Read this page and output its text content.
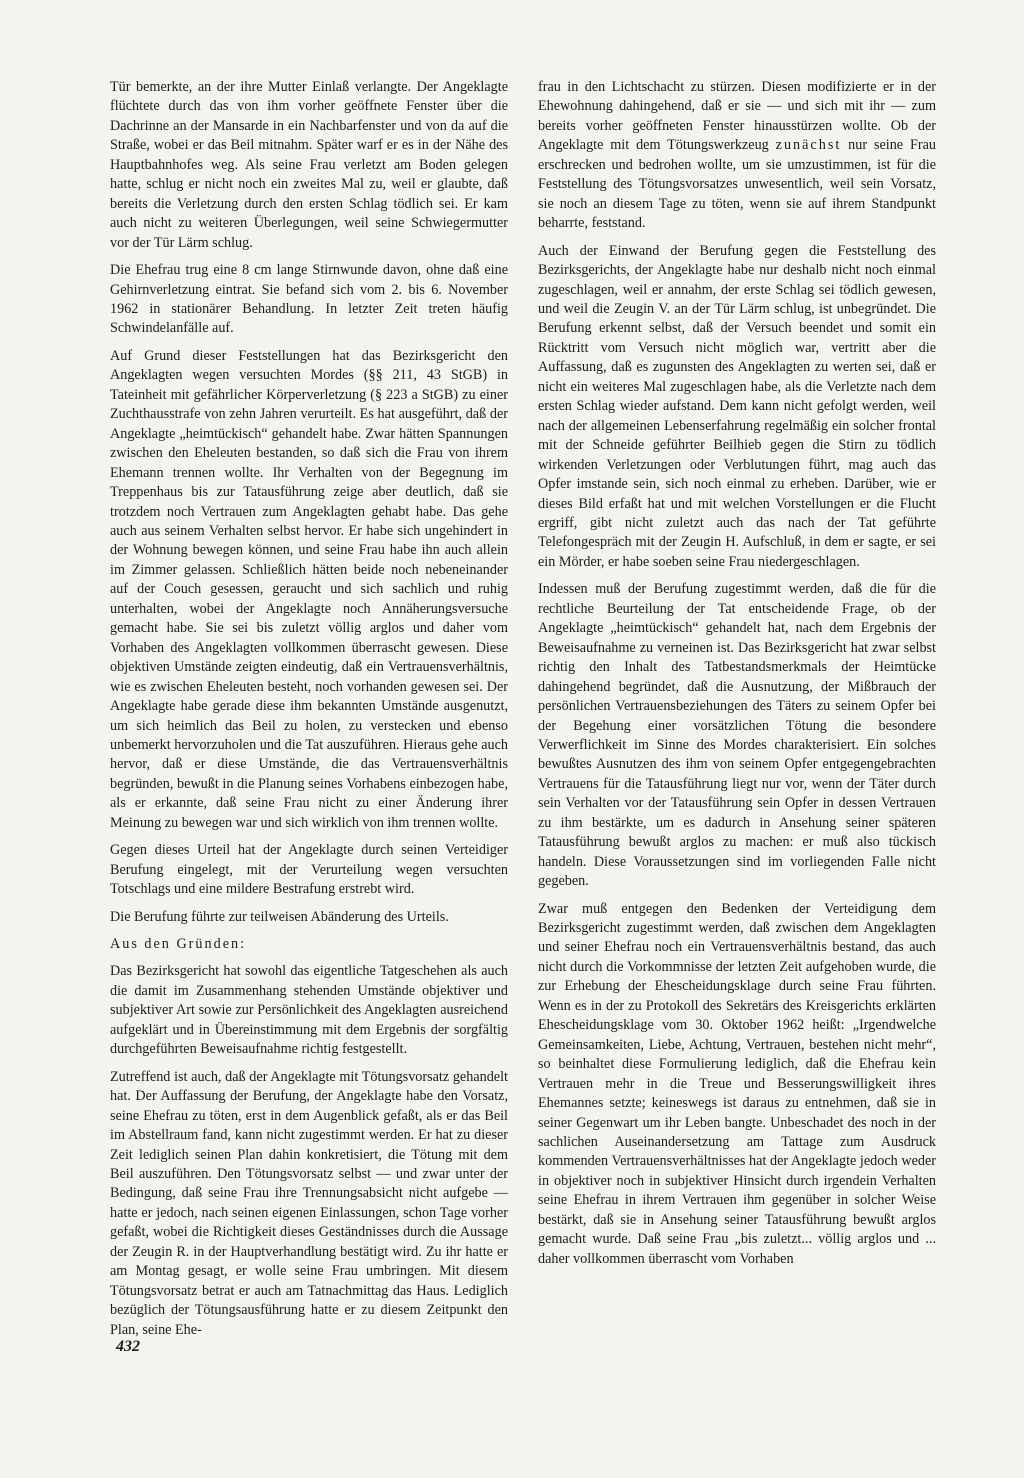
Tür bemerkte, an der ihre Mutter Einlaß verlangte. Der Angeklagte flüchtete durch das von ihm vorher geöffnete Fenster über die Dachrinne an der Mansarde in ein Nachbarfenster und von da auf die Straße, wobei er das Beil mitnahm. Später warf er es in der Nähe des Hauptbahnhofes weg. Als seine Frau verletzt am Boden gelegen hatte, schlug er nicht noch ein zweites Mal zu, weil er glaubte, daß bereits die Verletzung durch den ersten Schlag tödlich sei. Er kam auch nicht zu weiteren Überlegungen, weil seine Schwiegermutter vor der Tür Lärm schlug.

Die Ehefrau trug eine 8 cm lange Stirnwunde davon, ohne daß eine Gehirnverletzung eintrat. Sie befand sich vom 2. bis 6. November 1962 in stationärer Behandlung. In letzter Zeit treten häufig Schwindelanfälle auf.

Auf Grund dieser Feststellungen hat das Bezirksgericht den Angeklagten wegen versuchten Mordes (§§ 211, 43 StGB) in Tateinheit mit gefährlicher Körperverletzung (§ 223 a StGB) zu einer Zuchthausstrafe von zehn Jahren verurteilt. Es hat ausgeführt, daß der Angeklagte „heimtückisch“ gehandelt habe. Zwar hätten Spannungen zwischen den Eheleuten bestanden, so daß sich die Frau von ihrem Ehemann trennen wollte. Ihr Verhalten von der Begegnung im Treppenhaus bis zur Tatausführung zeige aber deutlich, daß sie trotzdem noch Vertrauen zum Angeklagten gehabt habe. Das gehe auch aus seinem Verhalten selbst hervor. Er habe sich ungehindert in der Wohnung bewegen können, und seine Frau habe ihn auch allein im Zimmer gelassen. Schließlich hätten beide noch nebeneinander auf der Couch gesessen, geraucht und sich sachlich und ruhig unterhalten, wobei der Angeklagte noch Annäherungsversuche gemacht habe. Sie sei bis zuletzt völlig arglos und daher vom Vorhaben des Angeklagten vollkommen überrascht gewesen. Diese objektiven Umstände zeigten eindeutig, daß ein Vertrauensverhältnis, wie es zwischen Eheleuten besteht, noch vorhanden gewesen sei. Der Angeklagte habe gerade diese ihm bekannten Umstände ausgenutzt, um sich heimlich das Beil zu holen, zu verstecken und ebenso unbemerkt hervorzuholen und die Tat auszuführen. Hieraus gehe auch hervor, daß er diese Umstände, die das Vertrauensverhältnis begründen, bewußt in die Planung seines Vorhabens einbezogen habe, als er erkannte, daß seine Frau nicht zu einer Änderung ihrer Meinung zu bewegen war und sich wirklich von ihm trennen wollte.

Gegen dieses Urteil hat der Angeklagte durch seinen Verteidiger Berufung eingelegt, mit der Verurteilung wegen versuchten Totschlags und eine mildere Bestrafung erstrebt wird.

Die Berufung führte zur teilweisen Abänderung des Urteils.

Aus den Gründen:

Das Bezirksgericht hat sowohl das eigentliche Tatgeschehen als auch die damit im Zusammenhang stehenden Umstände objektiver und subjektiver Art sowie zur Persönlichkeit des Angeklagten ausreichend aufgeklärt und in Übereinstimmung mit dem Ergebnis der sorgfältig durchgeführten Beweisaufnahme richtig festgestellt.

Zutreffend ist auch, daß der Angeklagte mit Tötungsvorsatz gehandelt hat. Der Auffassung der Berufung, der Angeklagte habe den Vorsatz, seine Ehefrau zu töten, erst in dem Augenblick gefaßt, als er das Beil im Abstellraum fand, kann nicht zugestimmt werden. Er hat zu dieser Zeit lediglich seinen Plan dahin konkretisiert, die Tötung mit dem Beil auszuführen. Den Tötungsvorsatz selbst — und zwar unter der Bedingung, daß seine Frau ihre Trennungsabsicht nicht aufgebe — hatte er jedoch, nach seinen eigenen Einlassungen, schon Tage vorher gefaßt, wobei die Richtigkeit dieses Geständnisses durch die Aussage der Zeugin R. in der Hauptverhandlung bestätigt wird. Zu ihr hatte er am Montag gesagt, er wolle seine Frau umbringen. Mit diesem Tötungsvorsatz betrat er auch am Tatnachmittag das Haus. Lediglich bezüglich der Tötungsausführung hatte er zu diesem Zeitpunkt den Plan, seine Ehe-

frau in den Lichtschacht zu stürzen. Diesen modifizierte er in der Ehewohnung dahingehend, daß er sie — und sich mit ihr — zum bereits vorher geöffneten Fenster hinausstürzen wollte. Ob der Angeklagte mit dem Tötungswerkzeug zunächst nur seine Frau erschrecken und bedrohen wollte, um sie umzustimmen, ist für die Feststellung des Tötungsvorsatzes unwesentlich, weil sein Vorsatz, sie noch an diesem Tage zu töten, wenn sie auf ihrem Standpunkt beharrte, feststand.

Auch der Einwand der Berufung gegen die Feststellung des Bezirksgerichts, der Angeklagte habe nur deshalb nicht noch einmal zugeschlagen, weil er annahm, der erste Schlag sei tödlich gewesen, und weil die Zeugin V. an der Tür Lärm schlug, ist unbegründet. Die Berufung erkennt selbst, daß der Versuch beendet und somit ein Rücktritt vom Versuch nicht möglich war, vertritt aber die Auffassung, daß es zugunsten des Angeklagten zu werten sei, daß er nicht ein weiteres Mal zugeschlagen habe, als die Verletzte nach dem ersten Schlag wieder aufstand. Dem kann nicht gefolgt werden, weil nach der allgemeinen Lebenserfahrung regelmäßig ein solcher frontal mit der Schneide geführter Beilhieb gegen die Stirn zu tödlich wirkenden Verletzungen oder Verblutungen führt, mag auch das Opfer imstande sein, sich noch einmal zu erheben. Darüber, wie er dieses Bild erfaßt hat und mit welchen Vorstellungen er die Flucht ergriff, gibt nicht zuletzt auch das nach der Tat geführte Telefongespräch mit der Zeugin H. Aufschluß, in dem er sagte, er sei ein Mörder, er habe soeben seine Frau niedergeschlagen.

Indessen muß der Berufung zugestimmt werden, daß die für die rechtliche Beurteilung der Tat entscheidende Frage, ob der Angeklagte „heimtückisch“ gehandelt hat, nach dem Ergebnis der Beweisaufnahme zu verneinen ist. Das Bezirksgericht hat zwar selbst richtig den Inhalt des Tatbestandsmerkmals der Heimtücke dahingehend begründet, daß die Ausnutzung, der Mißbrauch der persönlichen Vertrauensbeziehungen des Täters zu seinem Opfer bei der Begehung einer vorsätzlichen Tötung die besondere Verwerflichkeit im Sinne des Mordes charakterisiert. Ein solches bewußtes Ausnutzen des ihm von seinem Opfer entgegengebrachten Vertrauens für die Tatausführung liegt nur vor, wenn der Täter durch sein Verhalten vor der Tatausführung sein Opfer in dessen Vertrauen zu ihm bestärkte, um es dadurch in Ansehung seiner späteren Tatausführung bewußt arglos zu machen: er muß also tückisch handeln. Diese Voraussetzungen sind im vorliegenden Falle nicht gegeben.

Zwar muß entgegen den Bedenken der Verteidigung dem Bezirksgericht zugestimmt werden, daß zwischen dem Angeklagten und seiner Ehefrau noch ein Vertrauensverhältnis bestand, das auch nicht durch die Vorkommnisse der letzten Zeit aufgehoben wurde, die zur Erhebung der Ehescheidungsklage durch seine Frau führten. Wenn es in der zu Protokoll des Sekretärs des Kreisgerichts erklärten Ehescheidungsklage vom 30. Oktober 1962 heißt: „Irgendwelche Gemeinsamkeiten, Liebe, Achtung, Vertrauen, bestehen nicht mehr“, so beinhaltet diese Formulierung lediglich, daß die Ehefrau kein Vertrauen mehr in die Treue und Besserungswilligkeit ihres Ehemannes setzte; keineswegs ist daraus zu entnehmen, daß sie in seiner Gegenwart um ihr Leben bangte. Unbeschadet des noch in der sachlichen Auseinandersetzung am Tattage zum Ausdruck kommenden Vertrauensverhältnisses hat der Angeklagte jedoch weder in objektiver noch in subjektiver Hinsicht durch irgendein Verhalten seine Ehefrau in ihrem Vertrauen ihm gegenüber in solcher Weise bestärkt, daß sie in Ansehung seiner Tatausführung bewußt arglos gemacht wurde. Daß seine Frau „bis zuletzt... völlig arglos und ... daher vollkommen überrascht vom Vorhaben

432
